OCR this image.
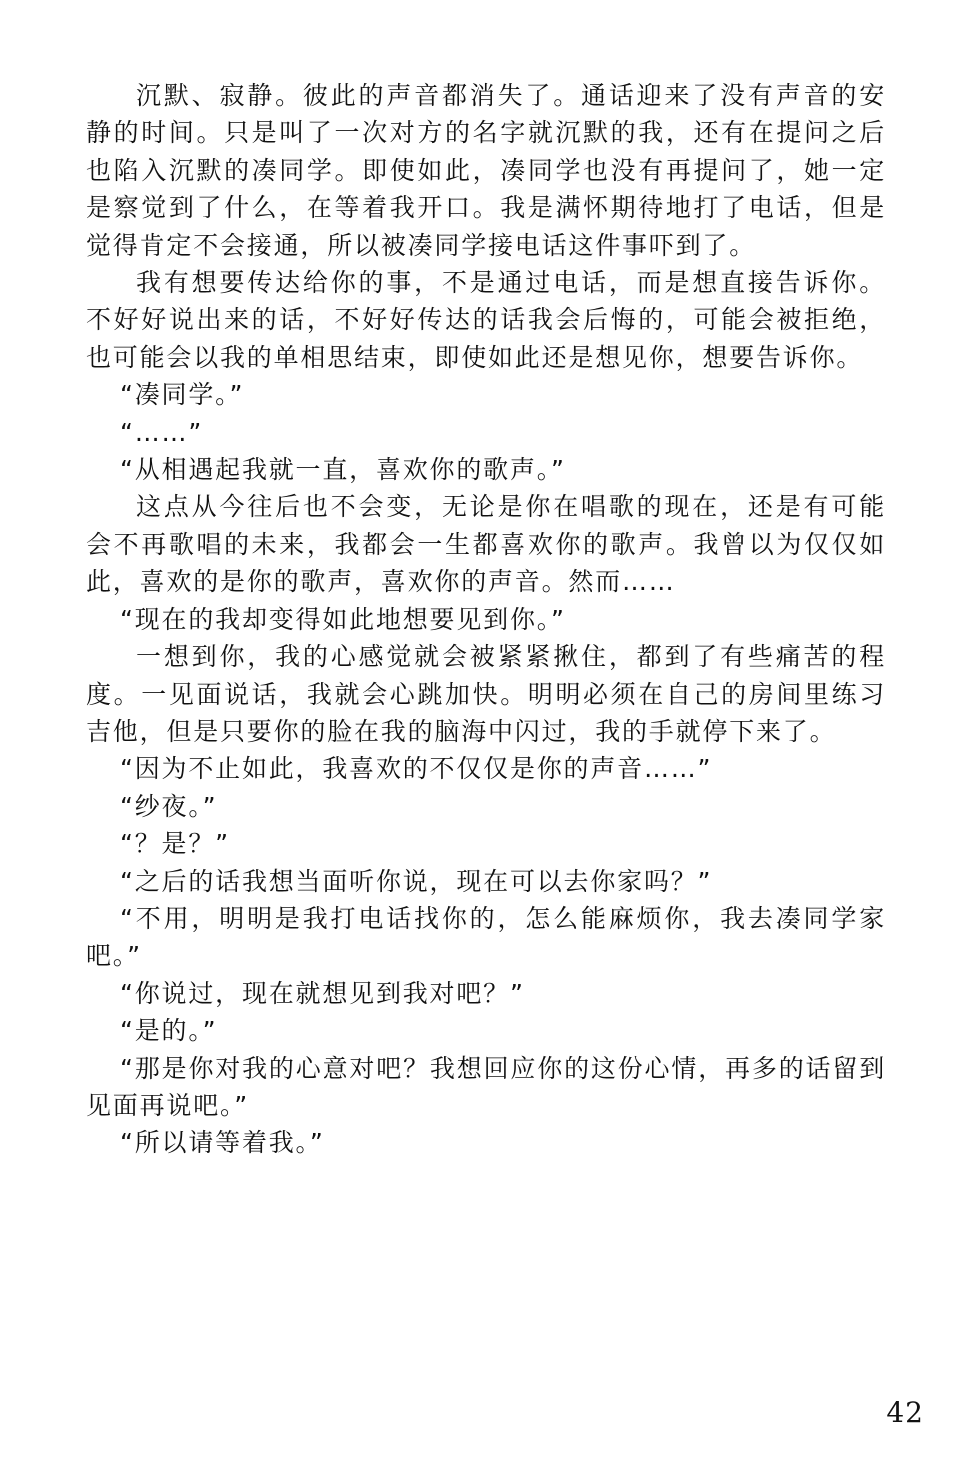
沉默、寂静。彼此的声音都消失了。通话迎来了没有声音的安静的时间。只是叫了一次对方的名字就沉默的我，还有在提问之后也陷入沉默的凑同学。即使如此，凑同学也没有再提问了，她一定是察觉到了什么，在等着我开口。我是满怀期待地打了电话，但是觉得肯定不会接通，所以被凑同学接电话这件事吓到了。

我有想要传达给你的事，不是通过电话，而是想直接告诉你。不好好说出来的话，不好好传达的话我会后悔的，可能会被拒绝，也可能会以我的单相思结束，即使如此还是想见你，想要告诉你。

“凑同学。”

“……”

“从相遇起我就一直，喜欢你的歌声。”

这点从今往后也不会变，无论是你在唱歌的现在，还是有可能会不再歌唱的未来，我都会一生都喜欢你的歌声。我曾以为仅仅如此，喜欢的是你的歌声，喜欢你的声音。然而……

“现在的我却变得如此地想要见到你。”

一想到你，我的心感觉就会被紧紧揪住，都到了有些痛苦的程度。一见面说话，我就会心跳加快。明明必须在自己的房间里练习吉他，但是只要你的脸在我的脑海中闪过，我的手就停下来了。

“因为不止如此，我喜欢的不仅仅是你的声音……”

“纱夜。”

“？是？”

“之后的话我想当面听你说，现在可以去你家吗？”

“不用，明明是我打电话找你的，怎么能麻烦你，我去凑同学家吧。”

“你说过，现在就想见到我对吧？”

“是的。”

“那是你对我的心意对吧？我想回应你的这份心情，再多的话留到见面再说吧。”

“所以请等着我。”

42
